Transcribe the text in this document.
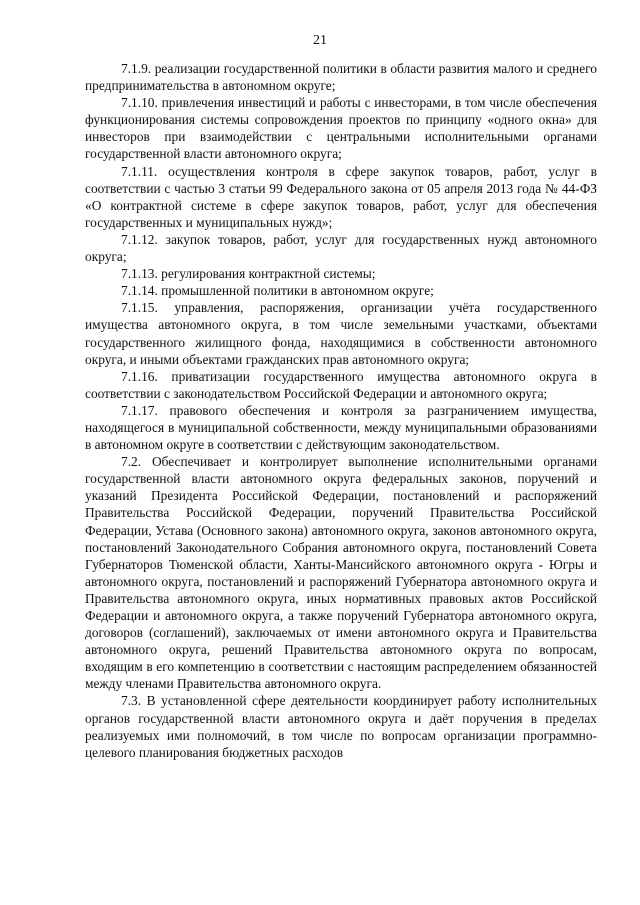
21

7.1.9. реализации государственной политики в области развития малого и среднего предпринимательства в автономном округе;

7.1.10. привлечения инвестиций и работы с инвесторами, в том числе обеспечения функционирования системы сопровождения проектов по принципу «одного окна» для инвесторов при взаимодействии с центральными исполнительными органами государственной власти автономного округа;

7.1.11. осуществления контроля в сфере закупок товаров, работ, услуг в соответствии с частью 3 статьи 99 Федерального закона от 05 апреля 2013 года № 44-ФЗ «О контрактной системе в сфере закупок товаров, работ, услуг для обеспечения государственных и муниципальных нужд»;

7.1.12. закупок товаров, работ, услуг для государственных нужд автономного округа;

7.1.13. регулирования контрактной системы;

7.1.14. промышленной политики в автономном округе;

7.1.15. управления, распоряжения, организации учёта государственного имущества автономного округа, в том числе земельными участками, объектами государственного жилищного фонда, находящимися в собственности автономного округа, и иными объектами гражданских прав автономного округа;

7.1.16. приватизации государственного имущества автономного округа в соответствии с законодательством Российской Федерации и автономного округа;

7.1.17. правового обеспечения и контроля за разграничением имущества, находящегося в муниципальной собственности, между муниципальными образованиями в автономном округе в соответствии с действующим законодательством.

7.2. Обеспечивает и контролирует выполнение исполнительными органами государственной власти автономного округа федеральных законов, поручений и указаний Президента Российской Федерации, постановлений и распоряжений Правительства Российской Федерации, поручений Правительства Российской Федерации, Устава (Основного закона) автономного округа, законов автономного округа, постановлений Законодательного Собрания автономного округа, постановлений Совета Губернаторов Тюменской области, Ханты-Мансийского автономного округа - Югры и автономного округа, постановлений и распоряжений Губернатора автономного округа и Правительства автономного округа, иных нормативных правовых актов Российской Федерации и автономного округа, а также поручений Губернатора автономного округа, договоров (соглашений), заключаемых от имени автономного округа и Правительства автономного округа, решений Правительства автономного округа по вопросам, входящим в его компетенцию в соответствии с настоящим распределением обязанностей между членами Правительства автономного округа.

7.3. В установленной сфере деятельности координирует работу исполнительных органов государственной власти автономного округа и даёт поручения в пределах реализуемых ими полномочий, в том числе по вопросам организации программно-целевого планирования бюджетных расходов
